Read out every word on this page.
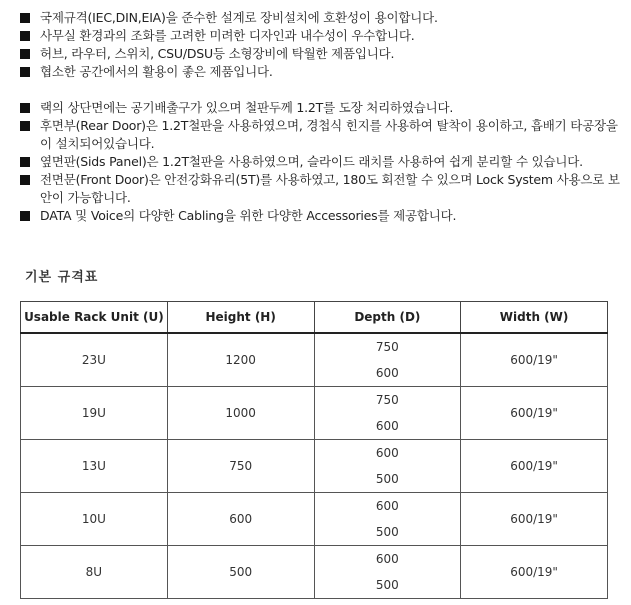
국제규격(IEC,DIN,EIA)을 준수한 설계로 장비설치에 호환성이 용이합니다.
사무실 환경과의 조화를 고려한 미려한 디자인과 내수성이 우수합니다.
허브, 라우터, 스위치, CSU/DSU등 소형장비에 탁월한 제품입니다.
협소한 공간에서의 활용이 좋은 제품입니다.
랙의 상단면에는 공기배출구가 있으며 철판두께 1.2T를 도장 처리하였습니다.
후면부(Rear Door)은 1.2T철판을 사용하였으며, 경첩식 힌지를 사용하여 탈착이 용이하고, 흡배기 타공장을이 설치되어있습니다.
옆면판(Sids Panel)은 1.2T철판을 사용하였으며, 슬라이드 래치를 사용하여 쉽게 분리할 수 있습니다.
전면문(Front Door)은 안전강화유리(5T)를 사용하였고, 180도 회전할 수 있으며 Lock System 사용으로 보안이 가능합니다.
DATA 및 Voice의 다양한 Cabling을 위한 다양한 Accessories를 제공합니다.
기본 규격표
Usable Rack Unit (U)	Height (H)	Depth (D)	Width (W)
23U	1200	750
600	600/19"
19U	1000	750
600	600/19"
13U	750	600
500	600/19"
10U	600	600
500	600/19"
8U	500	600
500	600/19"
